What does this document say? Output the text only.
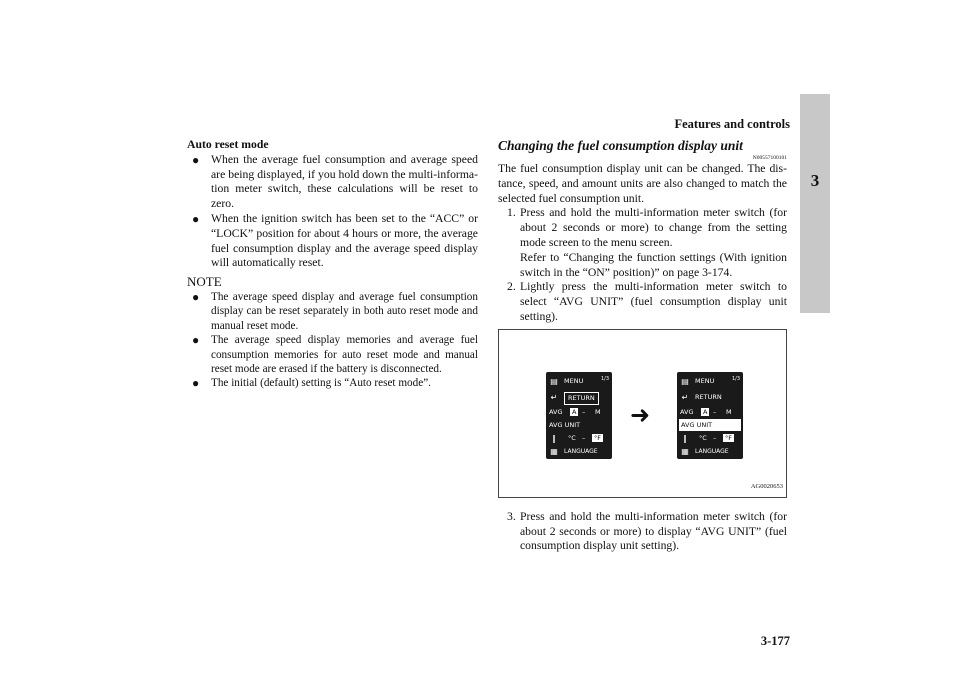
Features and controls
3
Auto reset mode
● When the average fuel consumption and average speed are being displayed, if you hold down the multi-informa-tion meter switch, these calculations will be reset to zero.
● When the ignition switch has been set to the “ACC” or “LOCK” position for about 4 hours or more, the average fuel consumption display and the average speed display will automatically reset.
NOTE
● The average speed display and average fuel consumption display can be reset separately in both auto reset mode and manual reset mode.
● The average speed display memories and average fuel consumption memories for auto reset mode and manual reset mode are erased if the battery is disconnected.
● The initial (default) setting is “Auto reset mode”.
Changing the fuel consumption display unit
N00557100101
The fuel consumption display unit can be changed. The dis-tance, speed, and amount units are also changed to match the selected fuel consumption unit.
1. Press and hold the multi-information meter switch (for about 2 seconds or more) to change from the setting mode screen to the menu screen.
Refer to “Changing the function settings (With ignition switch in the “ON” position)” on page 3-174.
2. Lightly press the multi-information meter switch to select “AVG UNIT” (fuel consumption display unit setting).
▤ MENU	1/3
↵	RETURN
AVG	A – M
AVG UNIT
‖	°C –	°F
▦ LANGUAGE
➜
▤ MENU	1/3
↵ RETURN
AVG	A – M
AVG UNIT
‖	°C –	°F
▦ LANGUAGE
AG0020653
3. Press and hold the multi-information meter switch (for about 2 seconds or more) to display “AVG UNIT” (fuel consumption display unit setting).
3-177
